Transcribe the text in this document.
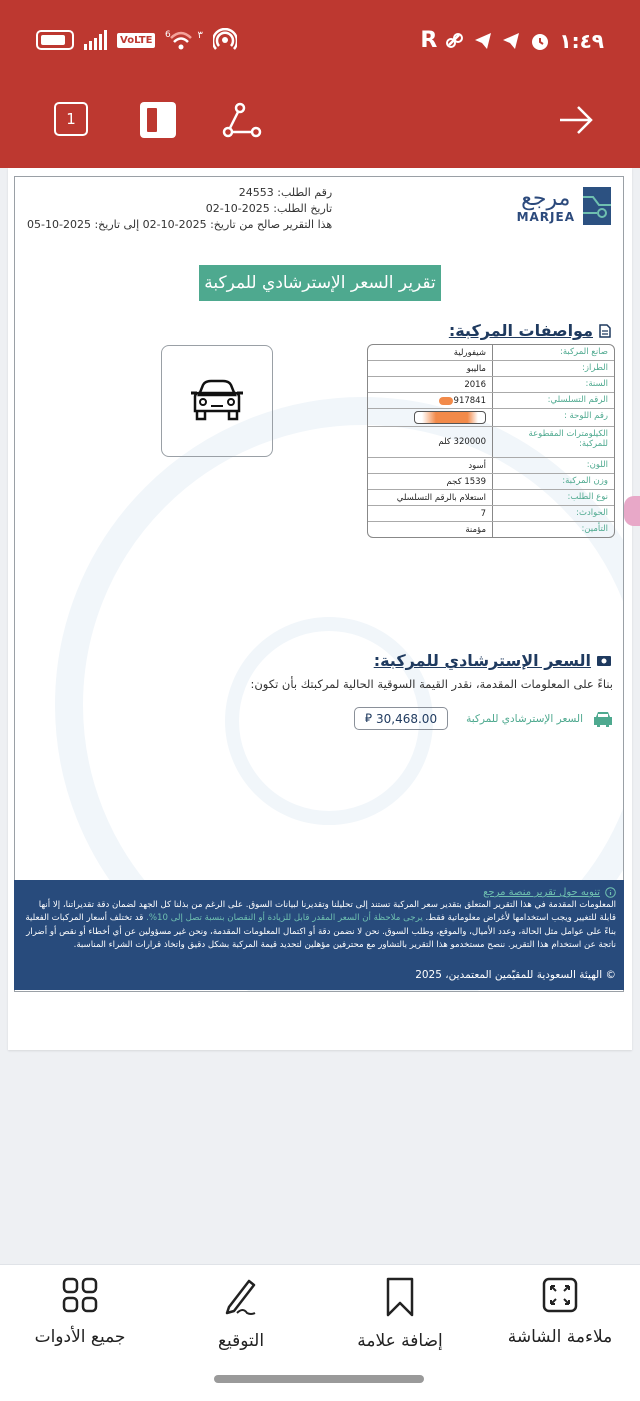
VoLTE	6	٣	R	١:٤٩
1
رقم الطلب: 24553
تاريخ الطلب: 2025-10-02
هذا التقرير صالح من تاريخ: 2025-10-02 إلى تاريخ: 2025-10-05
مرجع
MARJEA
تقرير السعر الإسترشادي للمركبة
مواصفات المركبة:
صانع المركبة:
شيفورلية
الطراز:
ماليبو
السنة:
2016
الرقم التسلسلي:
917841
رقم اللوحة :
الكيلومترات المقطوعة للمركبة:
320000 كلم
اللون:
أسود
وزن المركبة:
1539 كجم
نوع الطلب:
استعلام بالرقم التسلسلي
الحوادث:
7
التأمين:
مؤمنة
السعر الإسترشادي للمركبة:
بناءً على المعلومات المقدمة، نقدر القيمة السوقية الحالية لمركبتك بأن تكون:
السعر الإسترشادي للمركبة
30,468.00
⃁
تنويه حول تقرير منصة مرجع
المعلومات المقدمة في هذا التقرير المتعلق بتقدير سعر المركبة تستند إلى تحليلنا وتقديرنا لبيانات السوق. على الرغم من بذلنا كل الجهد لضمان دقة تقديراتنا، إلا أنها قابلة للتغيير ويجب استخدامها لأغراض معلوماتية فقط. يرجى ملاحظة أن السعر المقدر قابل للزيادة أو النقصان بنسبة تصل إلى 10%. قد تختلف أسعار المركبات الفعلية بناءً على عوامل مثل الحالة، وعدد الأميال، والموقع، وطلب السوق. نحن لا نضمن دقة أو اكتمال المعلومات المقدمة، ونحن غير مسؤولين عن أي أخطاء أو نقص أو أضرار ناتجة عن استخدام هذا التقرير. ننصح مستخدمو هذا التقرير بالتشاور مع محترفين مؤهلين لتحديد قيمة المركبة بشكل دقيق واتخاذ قرارات الشراء المناسبة.
© الهيئة السعودية للمقيّمين المعتمدين، 2025
ملاءمة الشاشة
إضافة علامة
التوقيع
جميع الأدوات
